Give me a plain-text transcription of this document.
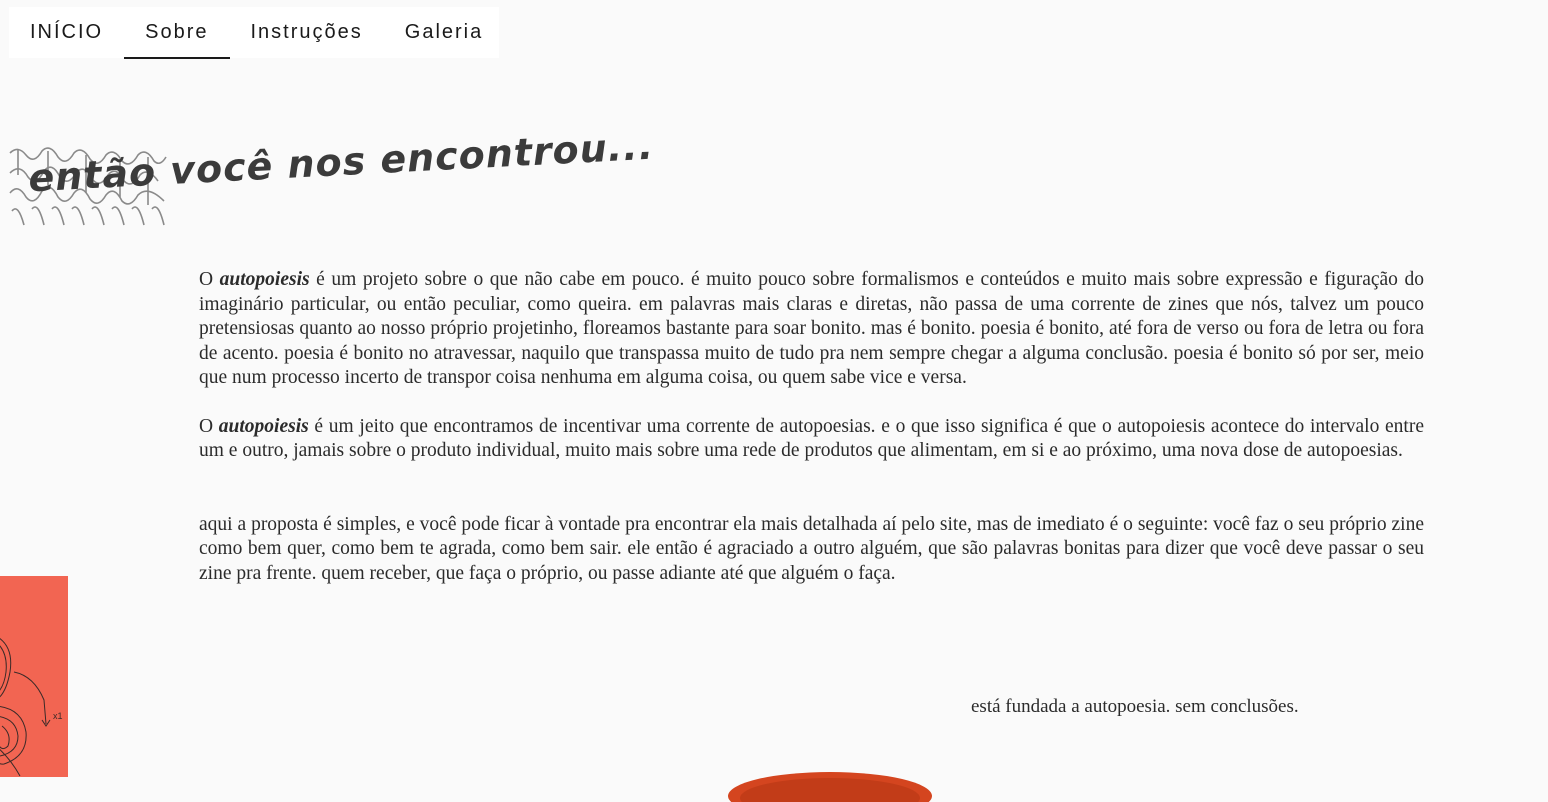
INÍCIO	Sobre	Instruções	Galeria
então você nos encontrou...

O autopoiesis é um projeto sobre o que não cabe em pouco. é muito pouco sobre formalismos e conteúdos e muito mais sobre expressão e figuração do imaginário particular, ou então peculiar, como queira. em palavras mais claras e diretas, não passa de uma corrente de zines que nós, talvez um pouco pretensiosas quanto ao nosso próprio projetinho, floreamos bastante para soar bonito. mas é bonito. poesia é bonito, até fora de verso ou fora de letra ou fora de acento. poesia é bonito no atravessar, naquilo que transpassa muito de tudo pra nem sempre chegar a alguma conclusão. poesia é bonito só por ser, meio que num processo incerto de transpor coisa nenhuma em alguma coisa, ou quem sabe vice e versa.

O autopoiesis é um jeito que encontramos de incentivar uma corrente de autopoesias. e o que isso significa é que o autopoiesis acontece do intervalo entre um e outro, jamais sobre o produto individual, muito mais sobre uma rede de produtos que alimentam, em si e ao próximo, uma nova dose de autopoesias.

aqui a proposta é simples, e você pode ficar à vontade pra encontrar ela mais detalhada aí pelo site, mas de imediato é o seguinte: você faz o seu próprio zine como bem quer, como bem te agrada, como bem sair. ele então é agraciado a outro alguém, que são palavras bonitas para dizer que você deve passar o seu zine pra frente. quem receber, que faça o próprio, ou passe adiante até que alguém o faça.

está fundada a autopoesia. sem conclusões.
x1
